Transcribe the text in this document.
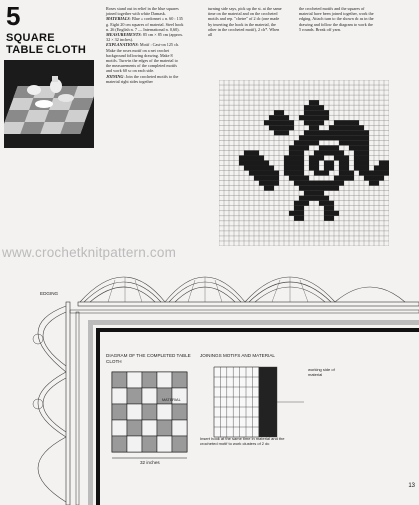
5
SQUARE
TABLE CLOTH
Roses stand out in relief in the blue squares joined together with white Damask.
MATERIALS: Blue « cordonnet » n. 60 : 135 g. Eight 20 cm squares of material. Steel hook n. 26 (English n. 7 — International n. 0,60).
MEASUREMENTS: 85 cm × 85 cm (approx. 32 × 32 inches).
EXPLANATIONS: Motif : Cast-on 125 ch. Make the roses motif on a net crochet background following drawing. Make 8 motifs. Turn-in the edges of the material to the measurements of the completed motifs and work 60 sc on each side.
JOINING: Join the crocheted motifs to the material right sides together
turning side says, pick up the st. at the same time on the material and on the crocheted motifs and rep. "chetre" of 2 dc (one made by inserting the hook in the material, the other in the crocheted motif), 2 ch*. When all
the crocheted motifs and the squares of material have been joined together, work the edging. Attach turn to the shown dc as in the drawing and follow the diagram to work the 5 rounds. Break off yarn.
www.crochetknitpattern.com
EDGING
DIAGRAM OF THE COMPLETED TABLE CLOTH
JOININGS MOTIFS AND MATERIAL
MATERIAL
32 inches
Insert hook at the same time in material and the crocheted motif to work clusters of 2 dc
working side of material
13
